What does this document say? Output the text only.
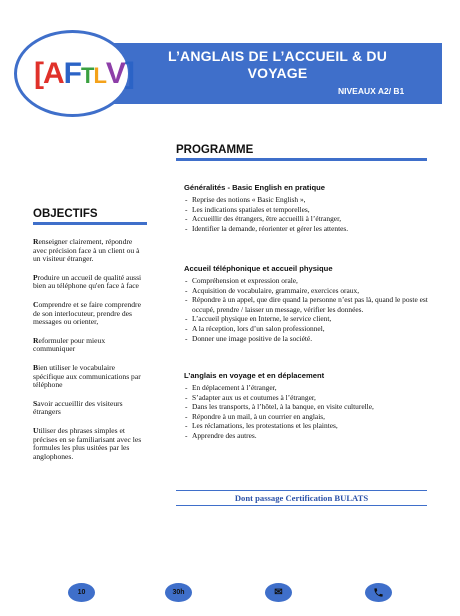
L’ANGLAIS DE L’ACCUEIL & DU VOYAGE
NIVEAUX A2/ B1
[AFTLV]
PROGRAMME
OBJECTIFS

Renseigner clairement, répondre avec précision face à un client ou à un visiteur étranger.

Produire un accueil de qualité aussi bien au téléphone qu'en face à face

Comprendre et se faire comprendre de son interlocuteur, prendre des messages ou orienter,

Reformuler pour mieux communiquer

Bien utiliser le vocabulaire spécifique aux communications par téléphone

Savoir accueillir des visiteurs étrangers

Utiliser des phrases simples et précises en se familiarisant avec les formules les plus usitées par les anglophones.

Généralités - Basic English en pratique
- Reprise des notions « Basic English »,
- Les indications spatiales et temporelles,
- Accueillir des étrangers, être accueilli à l’étranger,
- Identifier la demande, réorienter et gérer les attentes.
Accueil téléphonique et accueil physique
- Compréhension et expression orale,
- Acquisition de vocabulaire, grammaire, exercices oraux,
- Répondre à un appel, que dire quand la personne n’est pas là, quand le poste est occupé, prendre / laisser un message, vérifier les données.
- L’accueil physique en Interne, le service client,
- A la réception, lors d’un salon professionnel,
- Donner une image positive de la société.
L’anglais en voyage et en déplacement
- En déplacement à l’étranger,
- S’adapter aux us et coutumes à l’étranger,
- Dans les transports, à l’hôtel, à la banque, en visite culturelle,
- Répondre à un mail, à un courrier en anglais,
- Les réclamations, les protestations et les plaintes,
- Apprendre des autres.
Dont passage Certification BULATS
10	30h	✉
